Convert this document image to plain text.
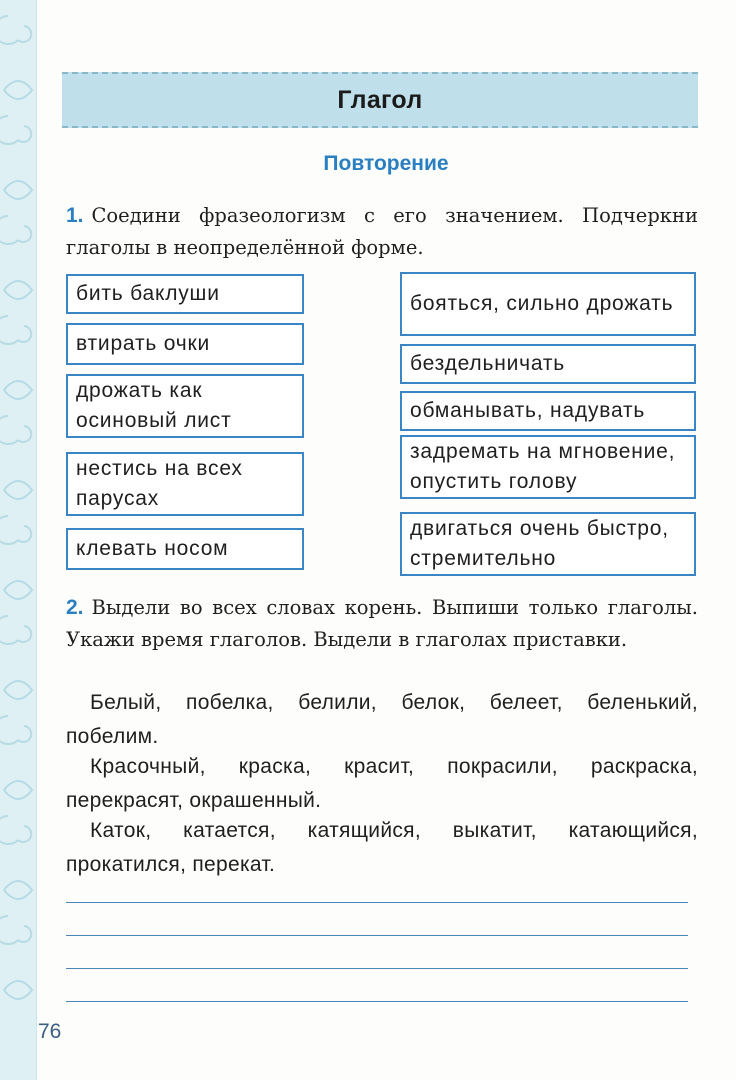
Глагол
Повторение
1. Соедини фразеологизм с его значением. Подчеркни глаголы в неопределённой форме.
бить баклуши
втирать очки
дрожать как осиновый лист
нестись на всех парусах
клевать носом
бояться, сильно дрожать
бездельничать
обманывать, надувать
задремать на мгновение, опустить голову
двигаться очень быстро, стремительно
2. Выдели во всех словах корень. Выпиши только глаголы. Укажи время глаголов. Выдели в глаголах приставки.
Белый, побелка, белили, белок, белеет, беленький, побелим.
Красочный, краска, красит, покрасили, раскраска, перекрасят, окрашенный.
Каток, катается, катящийся, выкатит, катающийся, прокатился, перекат.
76
